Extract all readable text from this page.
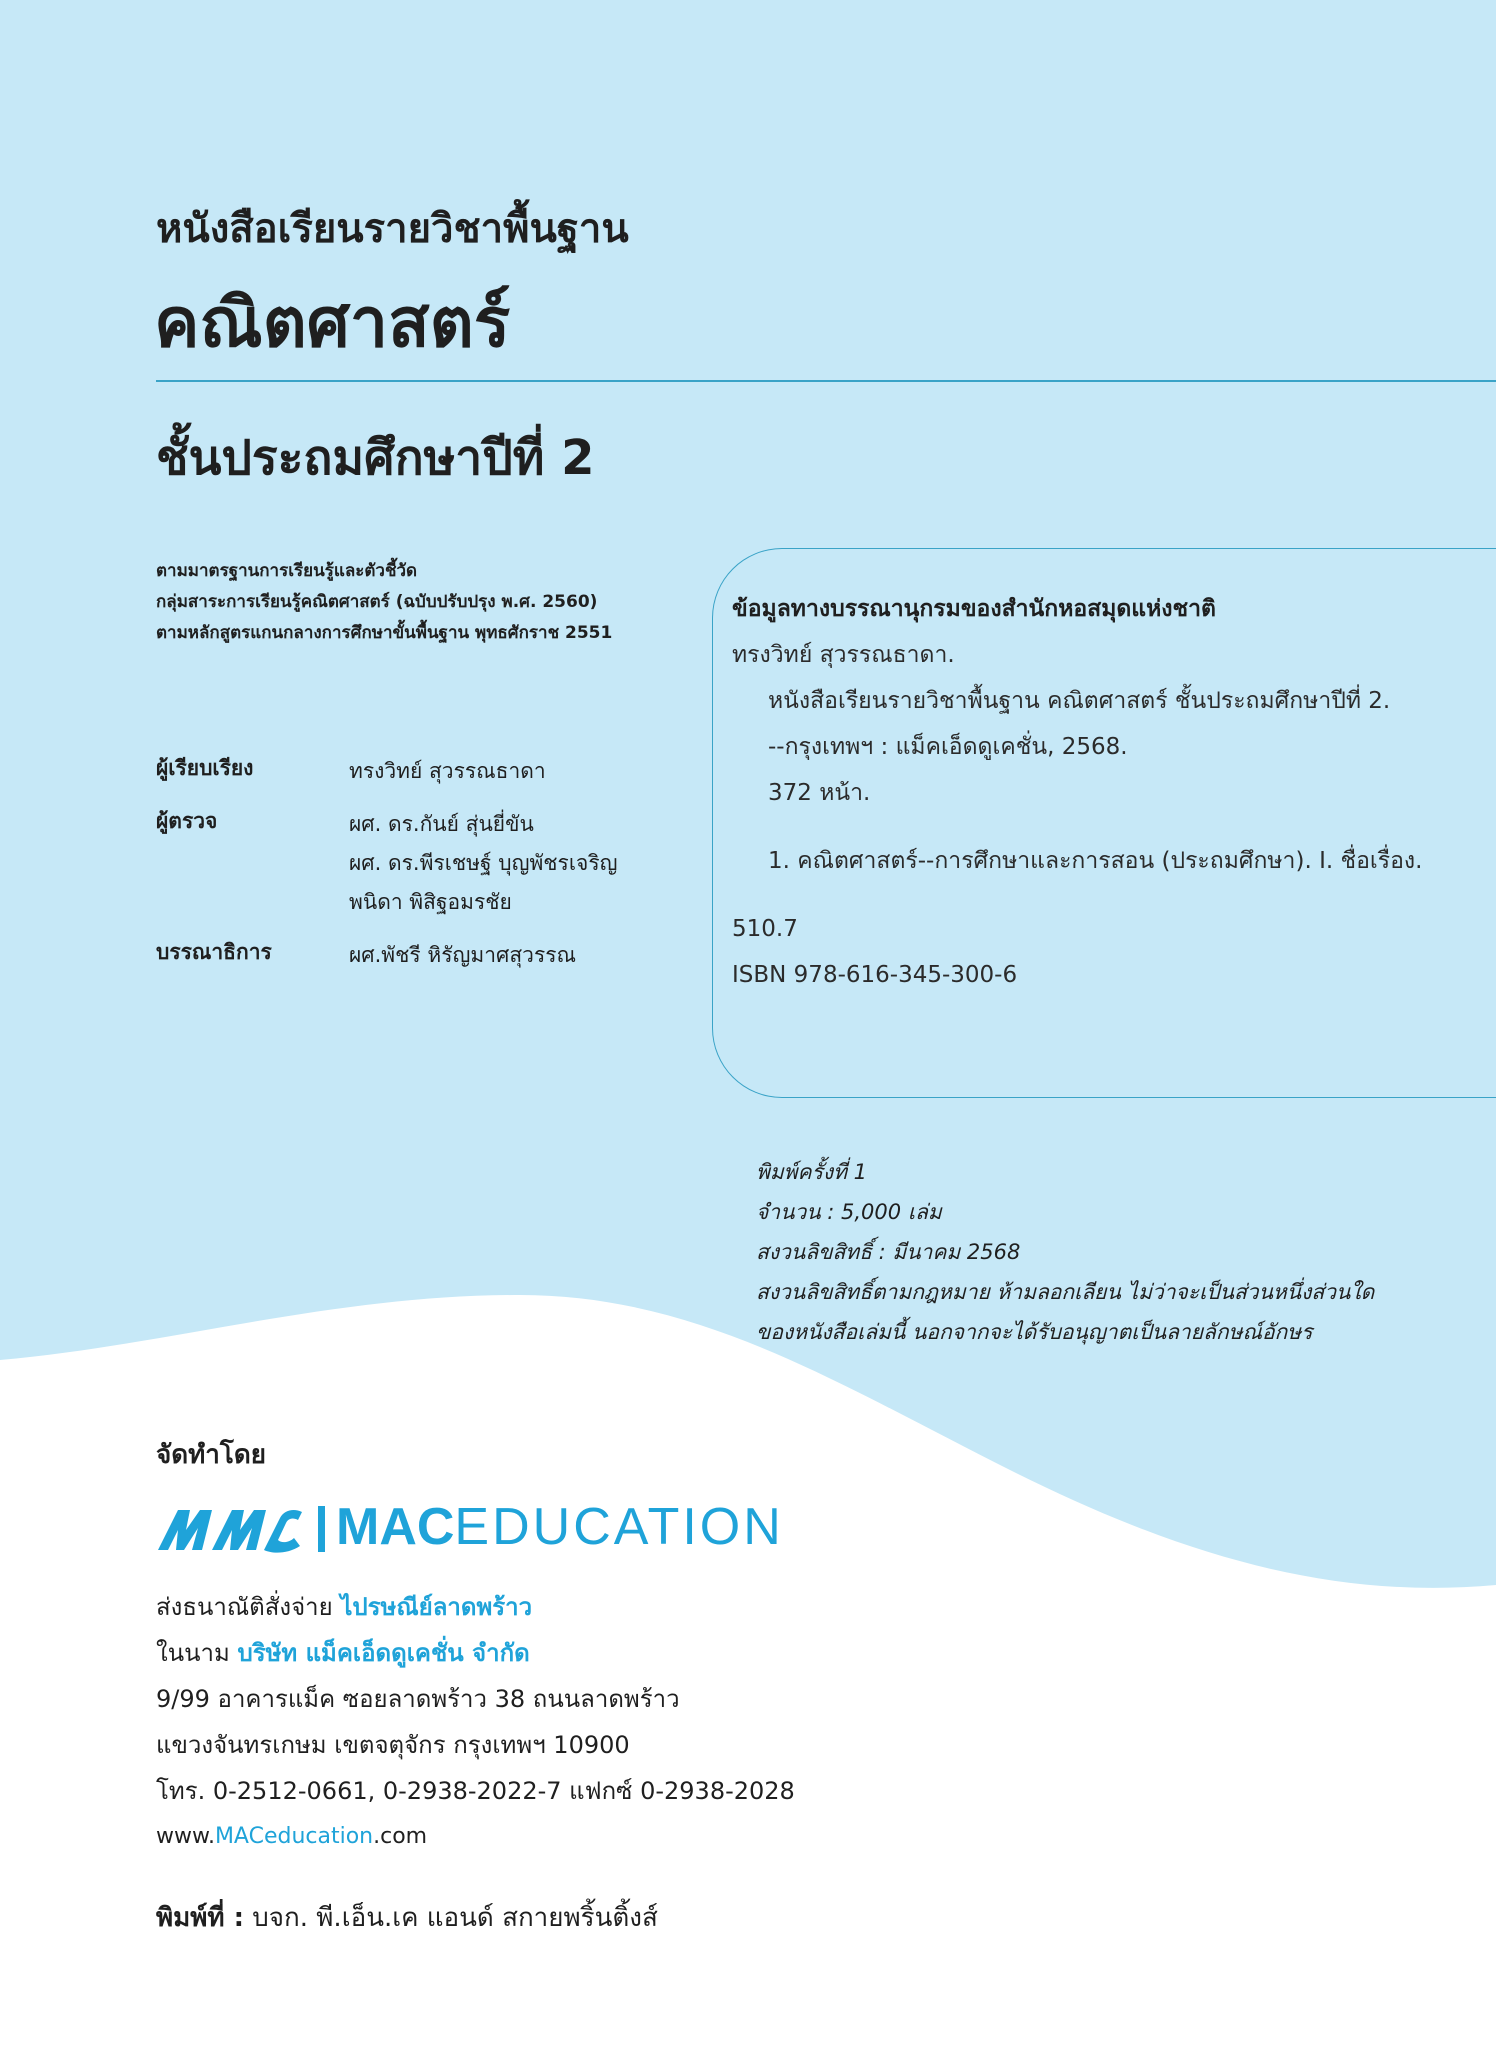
หนังสือเรียนรายวิชาพื้นฐาน
คณิตศาสตร์
ชั้นประถมศึกษาปีที่ 2
ตามมาตรฐานการเรียนรู้และตัวชี้วัด
กลุ่มสาระการเรียนรู้คณิตศาสตร์ (ฉบับปรับปรุง พ.ศ. 2560)
ตามหลักสูตรแกนกลางการศึกษาขั้นพื้นฐาน พุทธศักราช 2551
ผู้เรียบเรียง	ทรงวิทย์ สุวรรณธาดา
ผู้ตรวจ	ผศ. ดร.กันย์ สุ่นยี่ขัน
ผศ. ดร.พีรเชษฐ์ บุญพัชรเจริญ
พนิดา พิสิฐอมรชัย
บรรณาธิการ	ผศ.พัชรี หิรัญมาศสุวรรณ
ข้อมูลทางบรรณานุกรมของสำนักหอสมุดแห่งชาติ
ทรงวิทย์ สุวรรณธาดา.
หนังสือเรียนรายวิชาพื้นฐาน คณิตศาสตร์ ชั้นประถมศึกษาปีที่ 2.
--กรุงเทพฯ : แม็คเอ็ดดูเคชั่น, 2568.
372 หน้า.
1. คณิตศาสตร์--การศึกษาและการสอน (ประถมศึกษา). I. ชื่อเรื่อง.
510.7
ISBN 978-616-345-300-6
พิมพ์ครั้งที่ 1
จำนวน : 5,000 เล่ม
สงวนลิขสิทธิ์ : มีนาคม 2568
สงวนลิขสิทธิ์ตามกฎหมาย ห้ามลอกเลียน ไม่ว่าจะเป็นส่วนหนึ่งส่วนใด
ของหนังสือเล่มนี้ นอกจากจะได้รับอนุญาตเป็นลายลักษณ์อักษร
จัดทำโดย
MACEDUCATION
ส่งธนาณัติสั่งจ่าย ไปรษณีย์ลาดพร้าว
ในนาม บริษัท แม็คเอ็ดดูเคชั่น จำกัด
9/99 อาคารแม็ค ซอยลาดพร้าว 38 ถนนลาดพร้าว
แขวงจันทรเกษม เขตจตุจักร กรุงเทพฯ 10900
โทร. 0-2512-0661, 0-2938-2022-7 แฟกซ์ 0-2938-2028
www.MACeducation.com
พิมพ์ที่ : บจก. พี.เอ็น.เค แอนด์ สกายพริ้นติ้งส์
